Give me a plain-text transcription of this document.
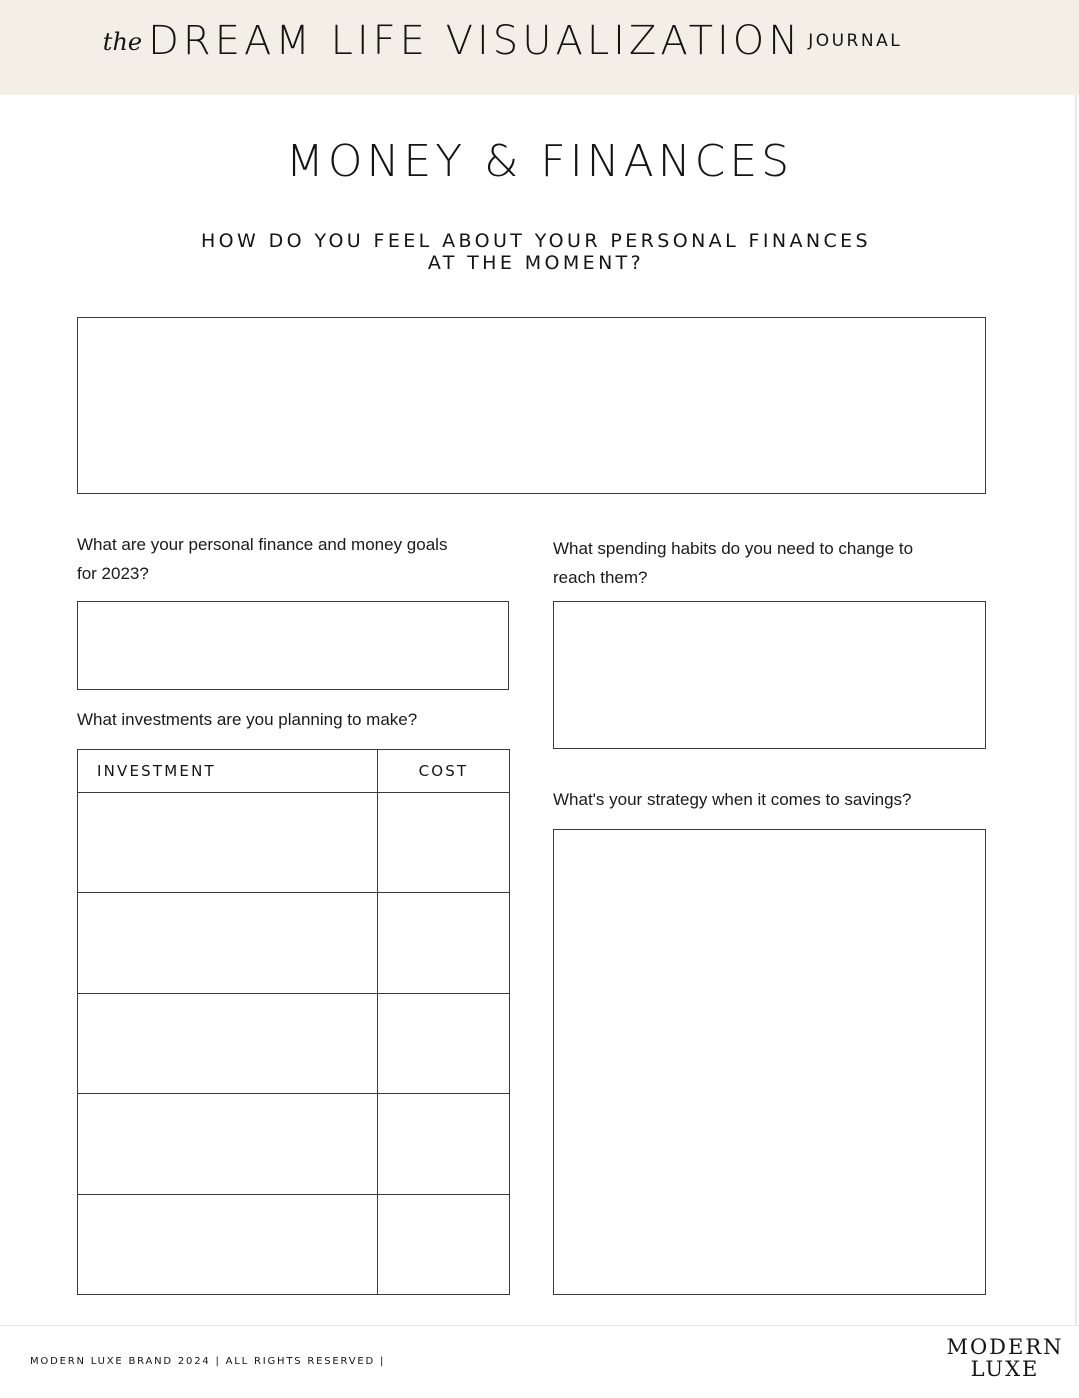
the DREAM LIFE VISUALIZATION JOURNAL
MONEY & FINANCES
HOW DO YOU FEEL ABOUT YOUR PERSONAL FINANCES
AT THE MOMENT?
What are your personal finance and money goals
for 2023?
What spending habits do you need to change to
reach them?
What investments are you planning to make?
INVESTMENT	COST

What's your strategy when it comes to savings?
MODERN LUXE BRAND 2024 | ALL RIGHTS RESERVED |
MODERN
LUXE
